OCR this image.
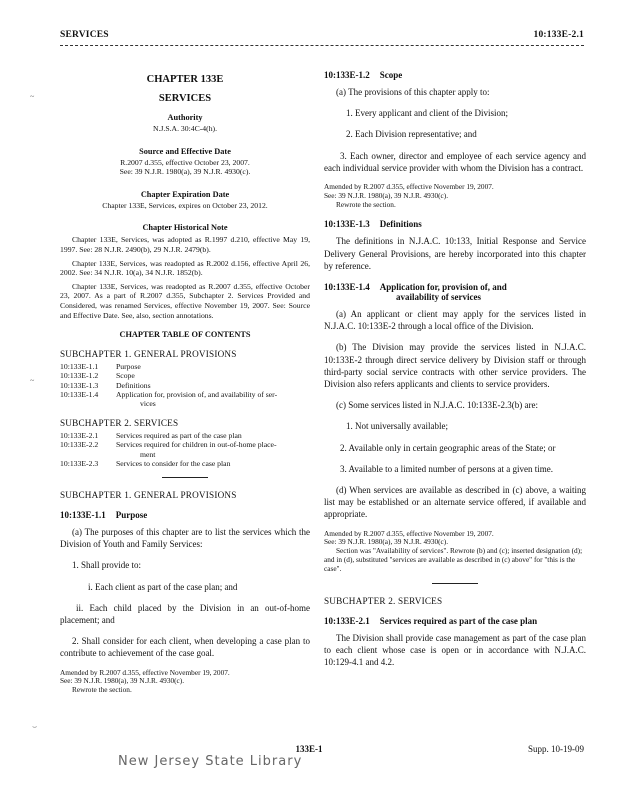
SERVICES	10:133E-2.1
~
~
⌣
CHAPTER 133E
SERVICES
Authority
N.J.S.A. 30:4C-4(h).
Source and Effective Date
R.2007 d.355, effective October 23, 2007.
See: 39 N.J.R. 1980(a), 39 N.J.R. 4930(c).
Chapter Expiration Date
Chapter 133E, Services, expires on October 23, 2012.
Chapter Historical Note

Chapter 133E, Services, was adopted as R.1997 d.210, effective May 19, 1997. See: 28 N.J.R. 2490(b), 29 N.J.R. 2479(b).

Chapter 133E, Services, was readopted as R.2002 d.156, effective April 26, 2002. See: 34 N.J.R. 10(a), 34 N.J.R. 1852(b).

Chapter 133E, Services, was readopted as R.2007 d.355, effective October 23, 2007. As a part of R.2007 d.355, Subchapter 2. Services Provided and Considered, was renamed Services, effective November 19, 2007. See: Source and Effective Date. See, also, section annotations.

CHAPTER TABLE OF CONTENTS
SUBCHAPTER 1. GENERAL PROVISIONS
10:133E-1.1	Purpose
10:133E-1.2	Scope
10:133E-1.3	Definitions
10:133E-1.4	Application for, provision of, and availability of ser-
vices
SUBCHAPTER 2. SERVICES
10:133E-2.1	Services required as part of the case plan
10:133E-2.2	Services required for children in out-of-home place-
ment
10:133E-2.3	Services to consider for the case plan
SUBCHAPTER 1. GENERAL PROVISIONS
10:133E-1.1 Purpose

(a) The purposes of this chapter are to list the services which the Division of Youth and Family Services:

1. Shall provide to:

i. Each client as part of the case plan; and

ii. Each child placed by the Division in an out-of-home placement; and

2. Shall consider for each client, when developing a case plan to contribute to achievement of the case goal.

Amended by R.2007 d.355, effective November 19, 2007.
See: 39 N.J.R. 1980(a), 39 N.J.R. 4930(c).
Rewrote the section.
10:133E-1.2 Scope

(a) The provisions of this chapter apply to:

1. Every applicant and client of the Division;

2. Each Division representative; and

3. Each owner, director and employee of each service agency and each individual service provider with whom the Division has a contract.

Amended by R.2007 d.355, effective November 19, 2007.
See: 39 N.J.R. 1980(a), 39 N.J.R. 4930(c).
Rewrote the section.
10:133E-1.3 Definitions

The definitions in N.J.A.C. 10:133, Initial Response and Service Delivery General Provisions, are hereby incorporated into this chapter by reference.

10:133E-1.4 Application for, provision of, and
availability of services

(a) An applicant or client may apply for the services listed in N.J.A.C. 10:133E-2 through a local office of the Division.

(b) The Division may provide the services listed in N.J.A.C. 10:133E-2 through direct service delivery by Division staff or through third-party social service contracts with other service providers. The Division also refers applicants and clients to service providers.

(c) Some services listed in N.J.A.C. 10:133E-2.3(b) are:

1. Not universally available;

2. Available only in certain geographic areas of the State; or

3. Available to a limited number of persons at a given time.

(d) When services are available as described in (c) above, a waiting list may be established or an alternate service offered, if available and appropriate.

Amended by R.2007 d.355, effective November 19, 2007.
See: 39 N.J.R. 1980(a), 39 N.J.R. 4930(c).
Section was "Availability of services". Rewrote (b) and (c); inserted designation (d); and in (d), substituted "services are available as described in (c) above" for "this is the case".
SUBCHAPTER 2. SERVICES
10:133E-2.1 Services required as part of the case plan

The Division shall provide case management as part of the case plan to each client whose case is open or in accordance with N.J.A.C. 10:129-4.1 and 4.2.

133E-1	Supp. 10-19-09
New Jersey State Library
